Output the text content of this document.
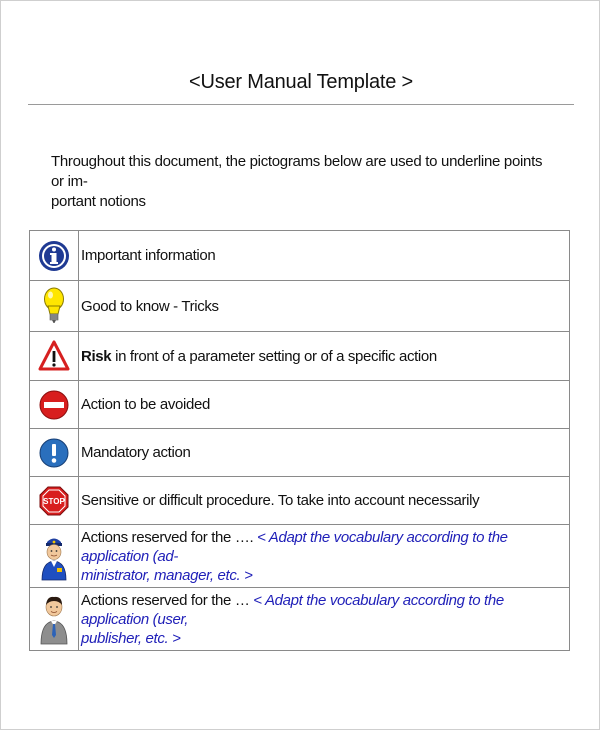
<User Manual Template >
Throughout this document, the pictograms below are used to underline points or im-
portant notions
	Important information

	Good to know - Tricks

	Risk in front of a parameter setting or of a specific action

	Action to be avoided

	Mandatory action

STOP	Sensitive or difficult procedure. To take into account necessarily

	Actions reserved for the …. < Adapt the vocabulary according to the application (ad-
ministrator, manager, etc. >

	Actions reserved for the … < Adapt the vocabulary according to the application (user,
publisher, etc. >
